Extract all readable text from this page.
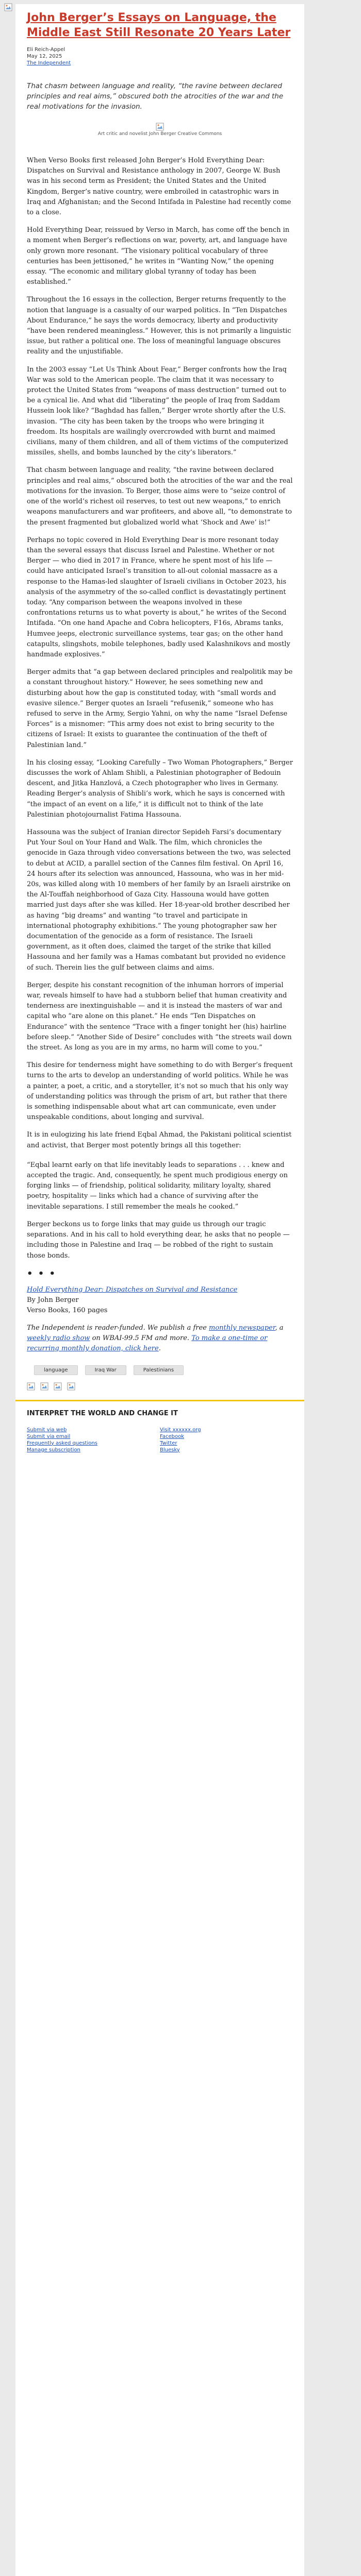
John Berger’s Essays on Language, the Middle East Still Resonate 20 Years Later
Eli Reich-Appel
May 12, 2025
The Independent

That chasm between language and reality, “the ravine between declared principles and real aims,” obscured both the atrocities of the war and the real motivations for the invasion.

Art critic and novelist John Berger Creative Commons

When Verso Books first released John Berger’s Hold Everything Dear: Dispatches on Survival and Resistance anthology in 2007, George W. Bush was in his second term as President; the United States and the United Kingdom, Berger’s native country, were embroiled in catastrophic wars in Iraq and Afghanistan; and the Second Intifada in Palestine had recently come to a close.

Hold Everything Dear, reissued by Verso in March, has come off the bench in a moment when Berger’s reflections on war, poverty, art, and language have only grown more resonant. “The visionary political vocabulary of three centuries has been jettisoned,” he writes in “Wanting Now,” the opening essay. “The economic and military global tyranny of today has been established.”

Throughout the 16 essays in the collection, Berger returns frequently to the notion that language is a casualty of our warped politics. In “Ten Dispatches About Endurance,” he says the words democracy, liberty and productivity “have been rendered meaningless.” However, this is not primarily a linguistic issue, but rather a political one. The loss of meaningful language obscures reality and the unjustifiable.

In the 2003 essay “Let Us Think About Fear,” Berger confronts how the Iraq War was sold to the American people. The claim that it was necessary to protect the United States from “weapons of mass destruction” turned out to be a cynical lie. And what did “liberating” the people of Iraq from Saddam Hussein look like? “Baghdad has fallen,” Berger wrote shortly after the U.S. invasion. “The city has been taken by the troops who were bringing it freedom. Its hospitals are wailingly overcrowded with burnt and maimed civilians, many of them children, and all of them victims of the computerized missiles, shells, and bombs launched by the city’s liberators.”

That chasm between language and reality, “the ravine between declared principles and real aims,” obscured both the atrocities of the war and the real motivations for the invasion. To Berger, those aims were to “seize control of one of the world’s richest oil reserves, to test out new weapons,” to enrich weapons manufacturers and war profiteers, and above all, “to demonstrate to the present fragmented but globalized world what ‘Shock and Awe’ is!”

Perhaps no topic covered in Hold Everything Dear is more resonant today than the several essays that discuss Israel and Palestine. Whether or not Berger — who died in 2017 in France, where he spent most of his life — could have anticipated Israel’s transition to all-out colonial massacre as a response to the Hamas-led slaughter of Israeli civilians in October 2023, his analysis of the asymmetry of the so-called conflict is devastatingly pertinent today. “Any comparison between the weapons involved in these confrontations returns us to what poverty is about,” he writes of the Second Intifada. “On one hand Apache and Cobra helicopters, F16s, Abrams tanks, Humvee jeeps, electronic surveillance systems, tear gas; on the other hand catapults, slingshots, mobile telephones, badly used Kalashnikovs and mostly handmade explosives.”

Berger admits that “a gap between declared principles and realpolitik may be a constant throughout history.” However, he sees something new and disturbing about how the gap is constituted today, with “small words and evasive silence.” Berger quotes an Israeli “refusenik,” someone who has refused to serve in the Army, Sergio Yahni, on why the name “Israel Defense Forces” is a misnomer: “This army does not exist to bring security to the citizens of Israel: It exists to guarantee the continuation of the theft of Palestinian land.”

In his closing essay, “Looking Carefully – Two Woman Photographers,” Berger discusses the work of Ahlam Shibli, a Palestinian photographer of Bedouin descent, and Jitka Hanzlová, a Czech photographer who lives in Germany. Reading Berger’s analysis of Shibli’s work, which he says is concerned with “the impact of an event on a life,” it is difficult not to think of the late Palestinian photojournalist Fatima Hassouna.

Hassouna was the subject of Iranian director Sepideh Farsi’s documentary Put Your Soul on Your Hand and Walk. The film, which chronicles the genocide in Gaza through video conversations between the two, was selected to debut at ACID, a parallel section of the Cannes film festival. On April 16, 24 hours after its selection was announced, Hassouna, who was in her mid-20s, was killed along with 10 members of her family by an Israeli airstrike on the Al-Touffah neighborhood of Gaza City. Hassouna would have gotten married just days after she was killed. Her 18-year-old brother described her as having “big dreams” and wanting “to travel and participate in international photography exhibitions.” The young photographer saw her documentation of the genocide as a form of resistance. The Israeli government, as it often does, claimed the target of the strike that killed Hassouna and her family was a Hamas combatant but provided no evidence of such. Therein lies the gulf between claims and aims.

Berger, despite his constant recognition of the inhuman horrors of imperial war, reveals himself to have had a stubborn belief that human creativity and tenderness are inextinguishable — and it is instead the masters of war and capital who “are alone on this planet.” He ends “Ten Dispatches on Endurance” with the sentence “Trace with a finger tonight her (his) hairline before sleep.” “Another Side of Desire” concludes with “the streets wail down the street. As long as you are in my arms, no harm will come to you.”

This desire for tenderness might have something to do with Berger’s frequent turns to the arts to develop an understanding of world politics. While he was a painter, a poet, a critic, and a storyteller, it’s not so much that his only way of understanding politics was through the prism of art, but rather that there is something indispensable about what art can communicate, even under unspeakable conditions, about longing and survival.

It is in eulogizing his late friend Eqbal Ahmad, the Pakistani political scientist and activist, that Berger most potently brings all this together:

“Eqbal learnt early on that life inevitably leads to separations . . . knew and accepted the tragic. And, consequently, he spent much prodigious energy on forging links — of friendship, political solidarity, military loyalty, shared poetry, hospitality — links which had a chance of surviving after the inevitable separations. I still remember the meals he cooked.”

Berger beckons us to forge links that may guide us through our tragic separations. And in his call to hold everything dear, he asks that no people — including those in Palestine and Iraq — be robbed of the right to sustain those bonds.

• • •
Hold Everything Dear: Dispatches on Survival and Resistance
By John Berger
Verso Books, 160 pages

The Independent is reader-funded. We publish a free monthly newspaper, a weekly radio show on WBAI-99.5 FM and more. To make a one-time or recurring monthly donation, click here.

language	Iraq War	Palestinians
INTERPRET THE WORLD AND CHANGE IT
Submit via web
Submit via email
Frequently asked questions
Manage subscription
Visit xxxxxx.org
Facebook
Twitter
Bluesky
